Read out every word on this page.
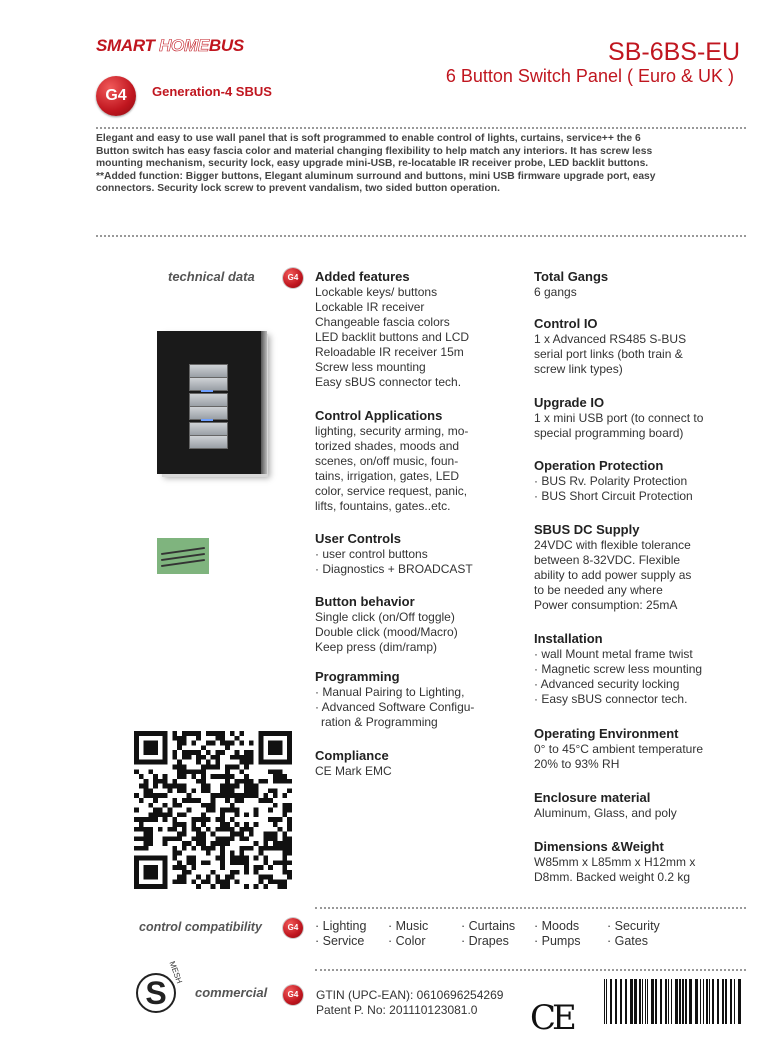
SMART HOMEBUS
G4	Generation-4 SBUS
SB-6BS-EU
6 Button Switch Panel ( Euro & UK )
Elegant and easy to use wall panel that is soft programmed to enable control of lights, curtains, service++ the 6
Button switch has easy fascia color and material changing flexibility to help match any interiors. It has screw less
mounting mechanism, security lock, easy upgrade mini-USB, re-locatable IR receiver probe, LED backlit buttons.
**Added function: Bigger buttons, Elegant aluminum surround and buttons, mini USB firmware upgrade port, easy
connectors. Security lock screw to prevent vandalism, two sided button operation.
technical data	G4	Added features
Lockable keys/ buttons
Lockable IR receiver
Changeable fascia colors
LED backlit buttons and LCD
Reloadable IR receiver 15m
Screw less mounting
Easy sBUS connector tech.
Control Applications
lighting, security arming, mo-
torized shades, moods and
scenes, on/off music, foun-
tains, irrigation, gates, LED
color, service request, panic,
lifts, fountains, gates..etc.
User Controls
· user control buttons
· Diagnostics + BROADCAST
Button behavior
Single click (on/Off toggle)
Double click (mood/Macro)
Keep press (dim/ramp)
Programming
· Manual Pairing to Lighting,
· Advanced Software Configu-
ration & Programming
Compliance
CE Mark EMC
Total Gangs
6 gangs
Control IO
1 x Advanced RS485 S-BUS
serial port links (both train &
screw link types)
Upgrade IO
1 x mini USB port (to connect to
special programming board)
Operation Protection
· BUS Rv. Polarity Protection
· BUS Short Circuit Protection
SBUS DC Supply
24VDC with flexible tolerance
between 8-32VDC. Flexible
ability to add power supply as
to be needed any where
Power consumption: 25mA
Installation
· wall Mount metal frame twist
· Magnetic screw less mounting
· Advanced security locking
· Easy sBUS connector tech.
Operating Environment
0° to 45°C ambient temperature
20% to 93% RH
Enclosure material
Aluminum, Glass, and poly
Dimensions &Weight
W85mm x L85mm x H12mm x
D8mm. Backed weight 0.2 kg
control compatibility	G4	· Lighting
· Service
· Music
· Color
· Curtains
· Drapes
· Moods
· Pumps
· Security
· Gates
S
MESH
commercial	G4	GTIN (UPC-EAN): 0610696254269
Patent P. No: 201110123081.0	CE
